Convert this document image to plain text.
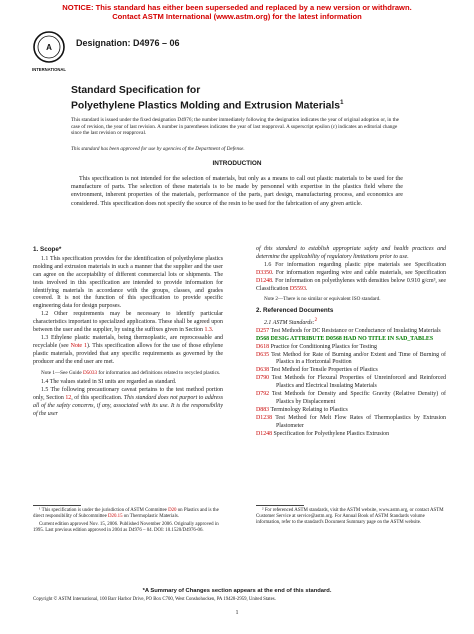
NOTICE: This standard has either been superseded and replaced by a new version or withdrawn.
Contact ASTM International (www.astm.org) for the latest information
A
INTERNATIONAL
Designation: D4976 – 06
Standard Specification for
Polyethylene Plastics Molding and Extrusion Materials$^1$

This standard is issued under the fixed designation D4976; the number immediately following the designation indicates the year of original adoption or, in the case of revision, the year of last revision. A number in parentheses indicates the year of last reapproval. A superscript epsilon (ε) indicates an editorial change since the last revision or reapproval.

This standard has been approved for use by agencies of the Department of Defense.

INTRODUCTION

This specification is not intended for the selection of materials, but only as a means to call out plastic materials to be used for the manufacture of parts. The selection of these materials is to be made by personnel with expertise in the plastics field where the environment, inherent properties of the materials, performance of the parts, part design, manufacturing process, and economics are considered. This specification does not specify the source of the resin to be used for the fabrication of any given article.

1. Scope*

1.1 This specification provides for the identification of polyethylene plastics molding and extrusion materials in such a manner that the supplier and the user can agree on the acceptability of different commercial lots or shipments. The tests involved in this specification are intended to provide information for identifying materials in accordance with the groups, classes, and grades covered. It is not the function of this specification to provide specific engineering data for design purposes.

1.2 Other requirements may be necessary to identify particular characteristics important to specialized applications. These shall be agreed upon between the user and the supplier, by using the suffixes given in Section 1.3.

1.3 Ethylene plastic materials, being thermoplastic, are reprocessable and recyclable (see Note 1). This specification allows for the use of those ethylene plastic materials, provided that any specific requirements as governed by the producer and the end user are met.

Note 1—See Guide D5033 for information and definitions related to recycled plastics.

1.4 The values stated in SI units are regarded as standard.

1.5 The following precautionary caveat pertains to the test method portion only, Section 12, of this specification. This standard does not purport to address all of the safety concerns, if any, associated with its use. It is the responsibility of the user

of this standard to establish appropriate safety and health practices and determine the applicability of regulatory limitations prior to use.

1.6 For information regarding plastic pipe materials see Specification D3350. For information regarding wire and cable materials, see Specification D1248. For information on polyethylenes with densities below 0.910 g/cm³, see Classification D5593.

Note 2—There is no similar or equivalent ISO standard.

2. Referenced Documents

2.1 ASTM Standards:$^2$

D257 Test Methods for DC Resistance or Conductance of Insulating Materials

D568 DESIG ATTRIBUTE D0568 HAD NO TITLE IN SAD_TABLES

D618 Practice for Conditioning Plastics for Testing

D635 Test Method for Rate of Burning and/or Extent and Time of Burning of Plastics in a Horizontal Position

D638 Test Method for Tensile Properties of Plastics

D790 Test Methods for Flexural Properties of Unreinforced and Reinforced Plastics and Electrical Insulating Materials

D792 Test Methods for Density and Specific Gravity (Relative Density) of Plastics by Displacement

D883 Terminology Relating to Plastics

D1238 Test Method for Melt Flow Rates of Thermoplastics by Extrusion Plastometer

D1248 Specification for Polyethylene Plastics Extrusion

¹ This specification is under the jurisdiction of ASTM Committee D20 on Plastics and is the direct responsibility of Subcommittee D20.15 on Thermoplastic Materials.

Current edition approved Nov. 15, 2006. Published November 2006. Originally approved in 1995. Last previous edition approved in 2004 as D4976 – 04. DOI: 10.1520/D4976-06.

² For referenced ASTM standards, visit the ASTM website, www.astm.org, or contact ASTM Customer Service at service@astm.org. For Annual Book of ASTM Standards volume information, refer to the standard's Document Summary page on the ASTM website.

*A Summary of Changes section appears at the end of this standard.
Copyright © ASTM International, 100 Barr Harbor Drive, PO Box C700, West Conshohocken, PA 19428-2959, United States.
1
